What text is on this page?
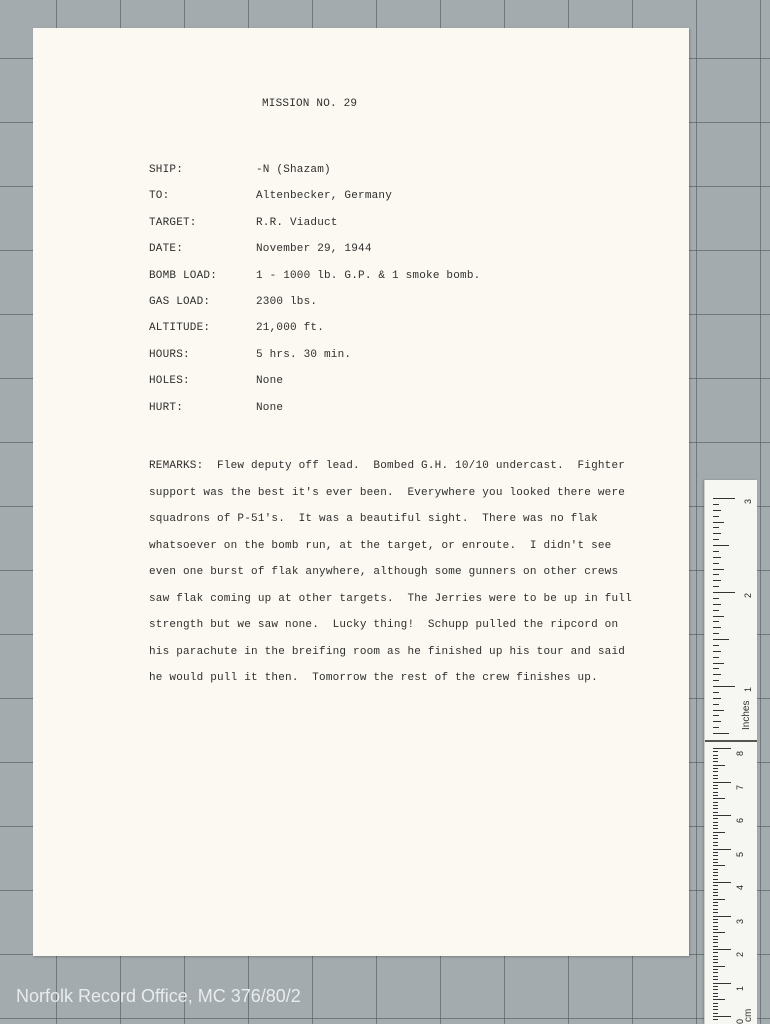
MISSION NO. 29
SHIP:	-N (Shazam)
TO:	Altenbecker, Germany
TARGET:	R.R. Viaduct
DATE:	November 29, 1944
BOMB LOAD:	1 - 1000 lb. G.P. & 1 smoke bomb.
GAS LOAD:	2300 lbs.
ALTITUDE:	21,000 ft.
HOURS:	5 hrs. 30 min.
HOLES:	None
HURT:	None
REMARKS:  Flew deputy off lead.  Bombed G.H. 10/10 undercast.  Fighter
support was the best it's ever been.  Everywhere you looked there were
squadrons of P-51's.  It was a beautiful sight.  There was no flak
whatsoever on the bomb run, at the target, or enroute.  I didn't see
even one burst of flak anywhere, although some gunners on other crews
saw flak coming up at other targets.  The Jerries were to be up in full
strength but we saw none.  Lucky thing!  Schupp pulled the ripcord on
his parachute in the breifing room as he finished up his tour and said
he would pull it then.  Tomorrow the rest of the crew finishes up.
3
2
1
Inches
8
7
6
5
4
3
2
1
0
cm
Norfolk Record Office, MC 376/80/2
